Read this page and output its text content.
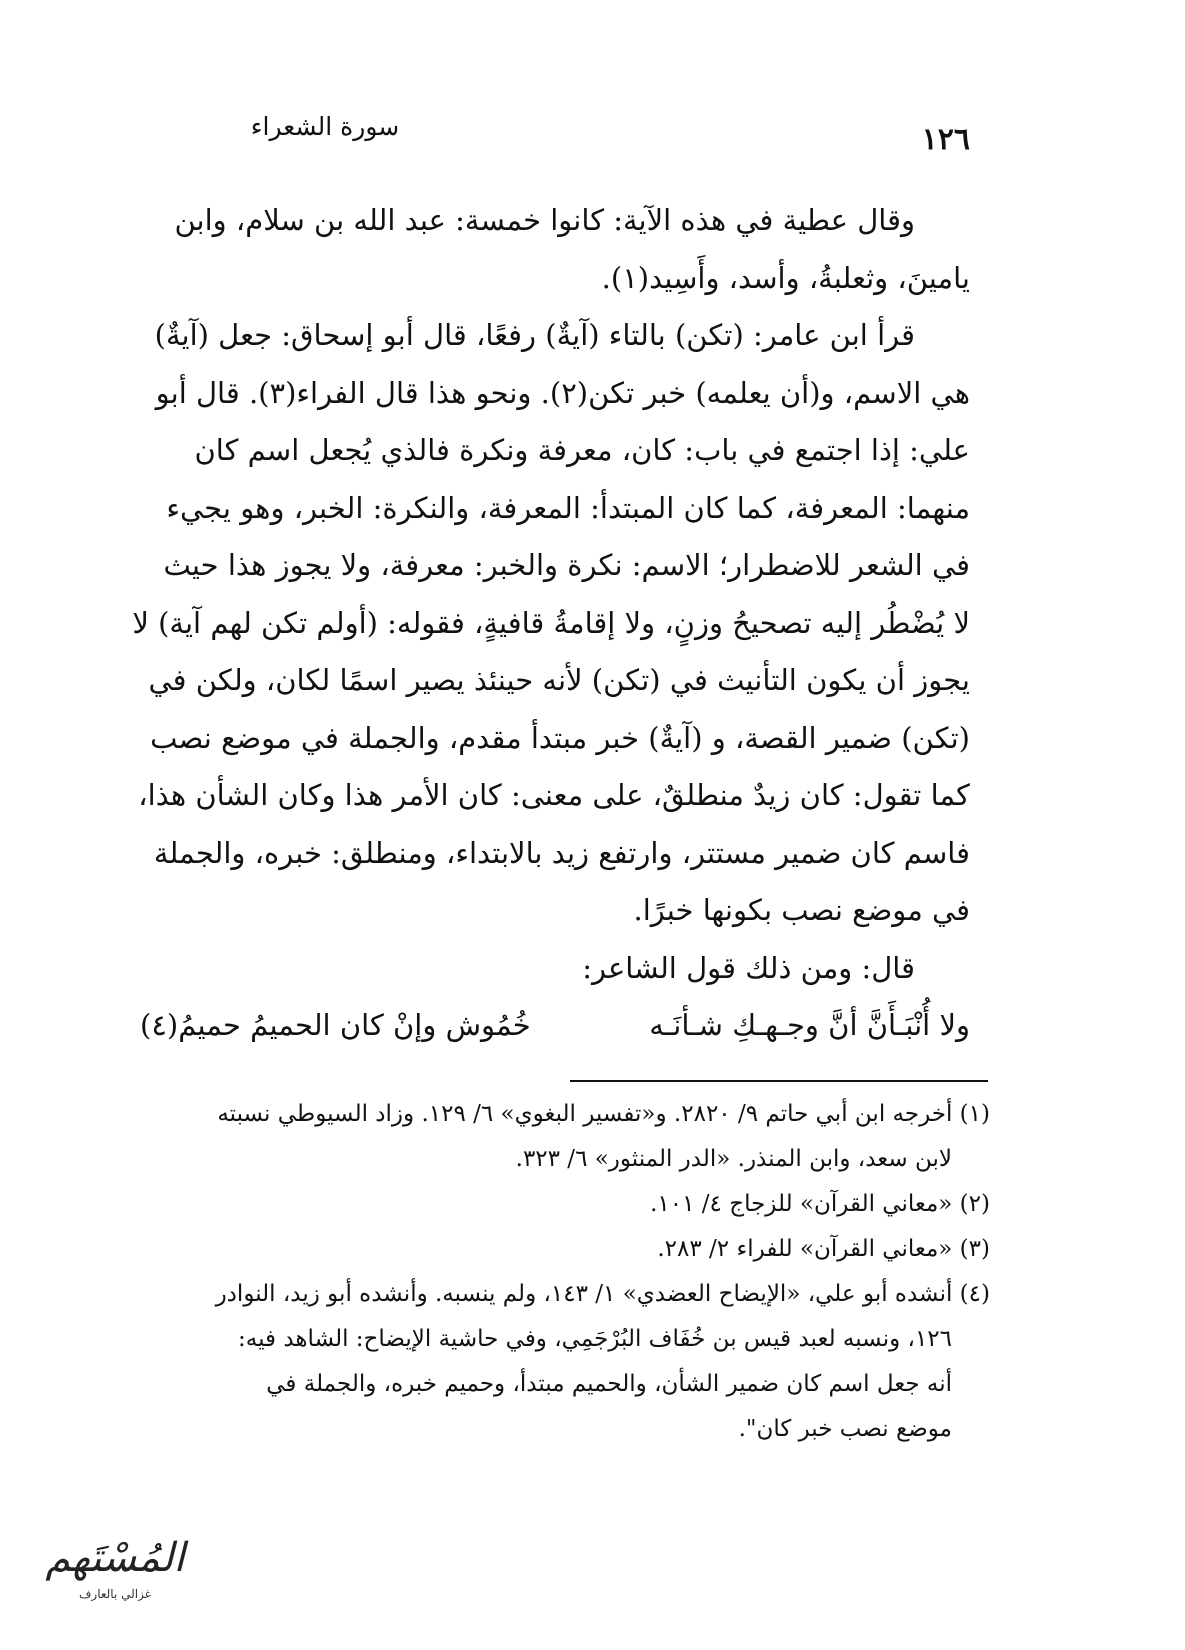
سورة الشعراء	١٢٦

وقال عطية في هذه الآية: كانوا خمسة: عبد الله بن سلام، وابن
يامينَ، وثعلبةُ، وأسد، وأَسِيد(١).

قرأ ابن عامر: (تكن) بالتاء (آيةٌ) رفعًا، قال أبو إسحاق: جعل (آيةٌ)
هي الاسم، و(أن يعلمه) خبر تكن(٢). ونحو هذا قال الفراء(٣). قال أبو
علي: إذا اجتمع في باب: كان، معرفة ونكرة فالذي يُجعل اسم كان
منهما: المعرفة، كما كان المبتدأ: المعرفة، والنكرة: الخبر، وهو يجيء
في الشعر للاضطرار؛ الاسم: نكرة والخبر: معرفة، ولا يجوز هذا حيث
لا يُضْطُر إليه تصحيحُ وزنٍ، ولا إقامةُ قافيةٍ، فقوله: (أولم تكن لهم آية) لا
يجوز أن يكون التأنيث في (تكن) لأنه حينئذ يصير اسمًا لكان، ولكن في
(تكن) ضمير القصة، و (آيةٌ) خبر مبتدأ مقدم، والجملة في موضع نصب
كما تقول: كان زيدٌ منطلقٌ، على معنى: كان الأمر هذا وكان الشأن هذا،
فاسم كان ضمير مستتر، وارتفع زيد بالابتداء، ومنطلق: خبره، والجملة
في موضع نصب بكونها خبرًا.

قال: ومن ذلك قول الشاعر:

ولا أُنْبَـأَنَّ أنَّ وجـهـكِ شـأنَـه
خُمُوش وإنْ كان الحميمُ حميمُ(٤)

(١) أخرجه ابن أبي حاتم ٩/ ٢٨٢٠. و«تفسير البغوي» ٦/ ١٢٩. وزاد السيوطي نسبته
لابن سعد، وابن المنذر. «الدر المنثور» ٦/ ٣٢٣.

(٢) «معاني القرآن» للزجاج ٤/ ١٠١.

(٣) «معاني القرآن» للفراء ٢/ ٢٨٣.

(٤) أنشده أبو علي، «الإيضاح العضدي» ١/ ١٤٣، ولم ينسبه. وأنشده أبو زيد، النوادر
١٢٦، ونسبه لعبد قيس بن خُفَاف البُرْجَمِي، وفي حاشية الإيضاح: الشاهد فيه:
أنه جعل اسم كان ضمير الشأن، والحميم مبتدأ، وحميم خبره، والجملة في
موضع نصب خبر كان".

المُسْتَهم
غزالي بالعارف
